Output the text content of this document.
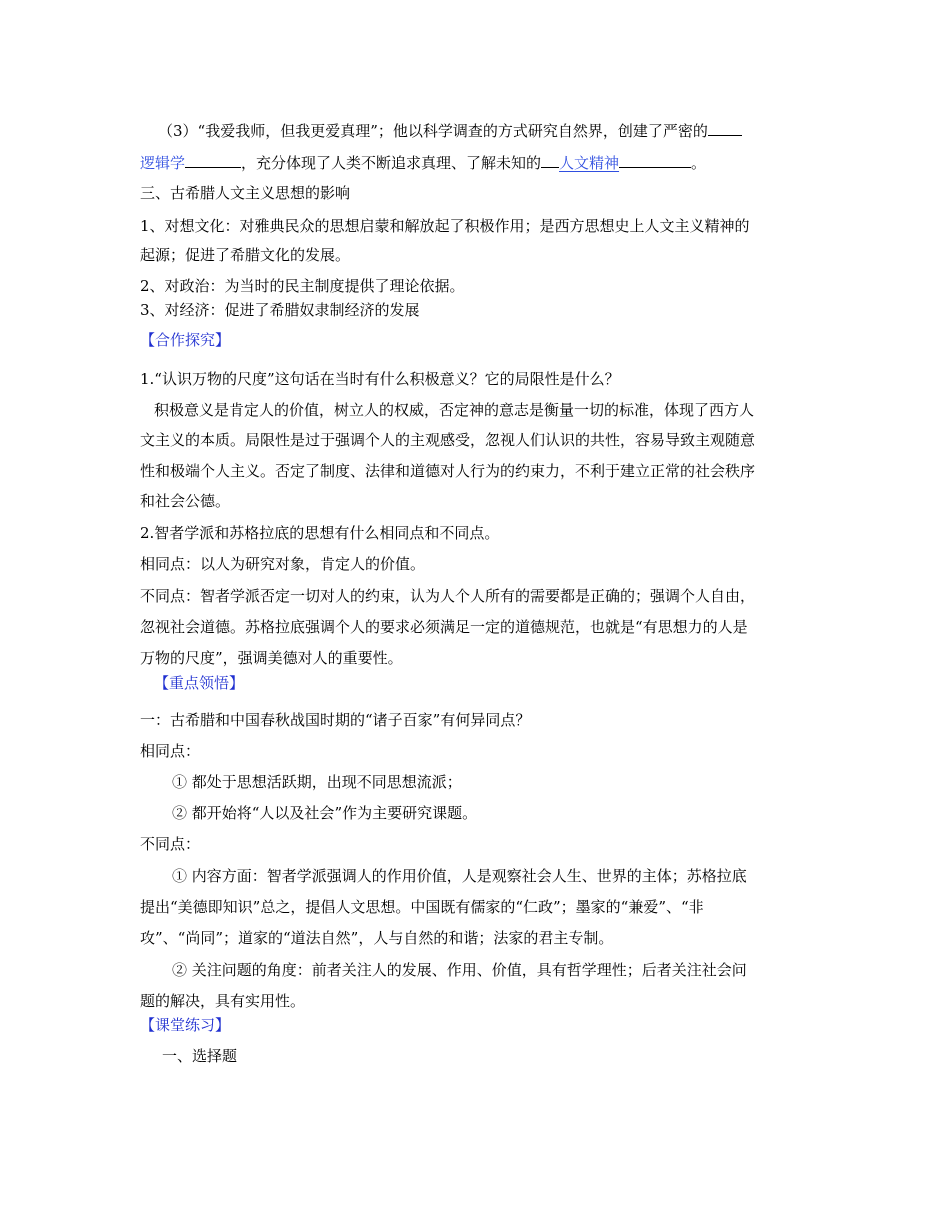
（3）“我爱我师，但我更爱真理”；他以科学调查的方式研究自然界，创建了严密的
逻辑学	，充分体现了人类不断追求真理、了解未知的 人文精神	。
三、古希腊人文主义思想的影响
1、对想文化：对雅典民众的思想启蒙和解放起了积极作用；是西方思想史上人文主义精神的
起源；促进了希腊文化的发展。
2、对政治：为当时的民主制度提供了理论依据。
3、对经济：促进了希腊奴隶制经济的发展
【合作探究】
1.“认识万物的尺度”这句话在当时有什么积极意义？它的局限性是什么？
积极意义是肯定人的价值，树立人的权威，否定神的意志是衡量一切的标准，体现了西方人
文主义的本质。局限性是过于强调个人的主观感受，忽视人们认识的共性，容易导致主观随意
性和极端个人主义。否定了制度、法律和道德对人行为的约束力，不利于建立正常的社会秩序
和社会公德。
2.智者学派和苏格拉底的思想有什么相同点和不同点。
相同点：以人为研究对象，肯定人的价值。
不同点：智者学派否定一切对人的约束，认为人个人所有的需要都是正确的；强调个人自由，
忽视社会道德。苏格拉底强调个人的要求必须满足一定的道德规范，也就是“有思想力的人是
万物的尺度”，强调美德对人的重要性。
【重点领悟】
一：古希腊和中国春秋战国时期的“诸子百家”有何异同点？
相同点：
① 都处于思想活跃期，出现不同思想流派；
② 都开始将“人以及社会”作为主要研究课题。
不同点：
① 内容方面：智者学派强调人的作用价值，人是观察社会人生、世界的主体；苏格拉底
提出“美德即知识”总之，提倡人文思想。中国既有儒家的“仁政”；墨家的“兼爱”、“非
攻”、“尚同”；道家的“道法自然”，人与自然的和谐；法家的君主专制。
② 关注问题的角度：前者关注人的发展、作用、价值，具有哲学理性；后者关注社会问
题的解决，具有实用性。
【课堂练习】
一、选择题
